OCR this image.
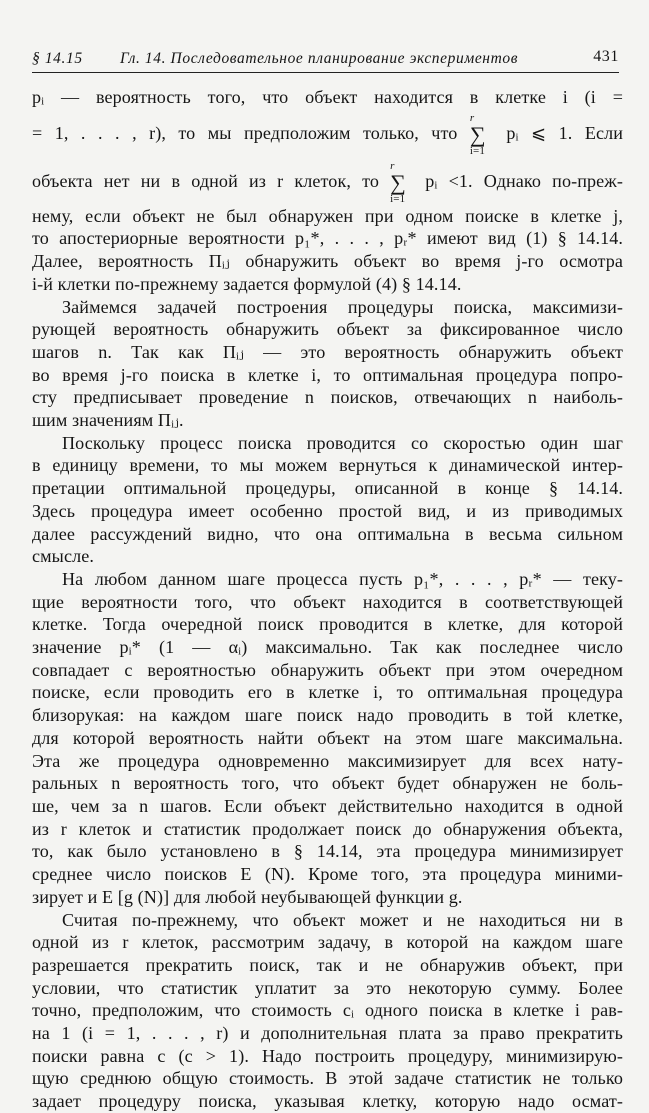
§ 14.15 Гл. 14. Последовательное планирование экспериментов	431
pᵢ — вероятность того, что объект находится в клетке i (i =
= 1, . . . , r), то мы предположим только, что
r
∑
i=1
pᵢ ⩽ 1. Если
объекта нет ни в одной из r клеток, то
r
∑
i=1
pᵢ <1. Однако по-преж-
нему, если объект не был обнаружен при одном поиске в клетке j,
то апостериорные вероятности p₁*, . . . , pᵣ* имеют вид (1) § 14.14.
Далее, вероятность Πᵢⱼ обнаружить объект во время j-го осмотра
i-й клетки по-прежнему задается формулой (4) § 14.14.
Займемся задачей построения процедуры поиска, максимизи-
рующей вероятность обнаружить объект за фиксированное число
шагов n. Так как Πᵢⱼ — это вероятность обнаружить объект
во время j-го поиска в клетке i, то оптимальная процедура попро-
сту предписывает проведение n поисков, отвечающих n наиболь-
шим значениям Πᵢⱼ.
Поскольку процесс поиска проводится со скоростью один шаг
в единицу времени, то мы можем вернуться к динамической интер-
претации оптимальной процедуры, описанной в конце § 14.14.
Здесь процедура имеет особенно простой вид, и из приводимых
далее рассуждений видно, что она оптимальна в весьма сильном
смысле.
На любом данном шаге процесса пусть p₁*, . . . , pᵣ* — теку-
щие вероятности того, что объект находится в соответствующей
клетке. Тогда очередной поиск проводится в клетке, для которой
значение pᵢ* (1 — αᵢ) максимально. Так как последнее число
совпадает с вероятностью обнаружить объект при этом очередном
поиске, если проводить его в клетке i, то оптимальная процедура
близорукая: на каждом шаге поиск надо проводить в той клетке,
для которой вероятность найти объект на этом шаге максимальна.
Эта же процедура одновременно максимизирует для всех нату-
ральных n вероятность того, что объект будет обнаружен не боль-
ше, чем за n шагов. Если объект действительно находится в одной
из r клеток и статистик продолжает поиск до обнаружения объекта,
то, как было установлено в § 14.14, эта процедура минимизирует
среднее число поисков E (N). Кроме того, эта процедура миними-
зирует и E [g (N)] для любой неубывающей функции g.
Считая по-прежнему, что объект может и не находиться ни в
одной из r клеток, рассмотрим задачу, в которой на каждом шаге
разрешается прекратить поиск, так и не обнаружив объект, при
условии, что статистик уплатит за это некоторую сумму. Более
точно, предположим, что стоимость cᵢ одного поиска в клетке i рав-
на 1 (i = 1, . . . , r) и дополнительная плата за право прекратить
поиски равна c (c > 1). Надо построить процедуру, минимизирую-
щую среднюю общую стоимость. В этой задаче статистик не только
задает процедуру поиска, указывая клетку, которую надо осмат-
